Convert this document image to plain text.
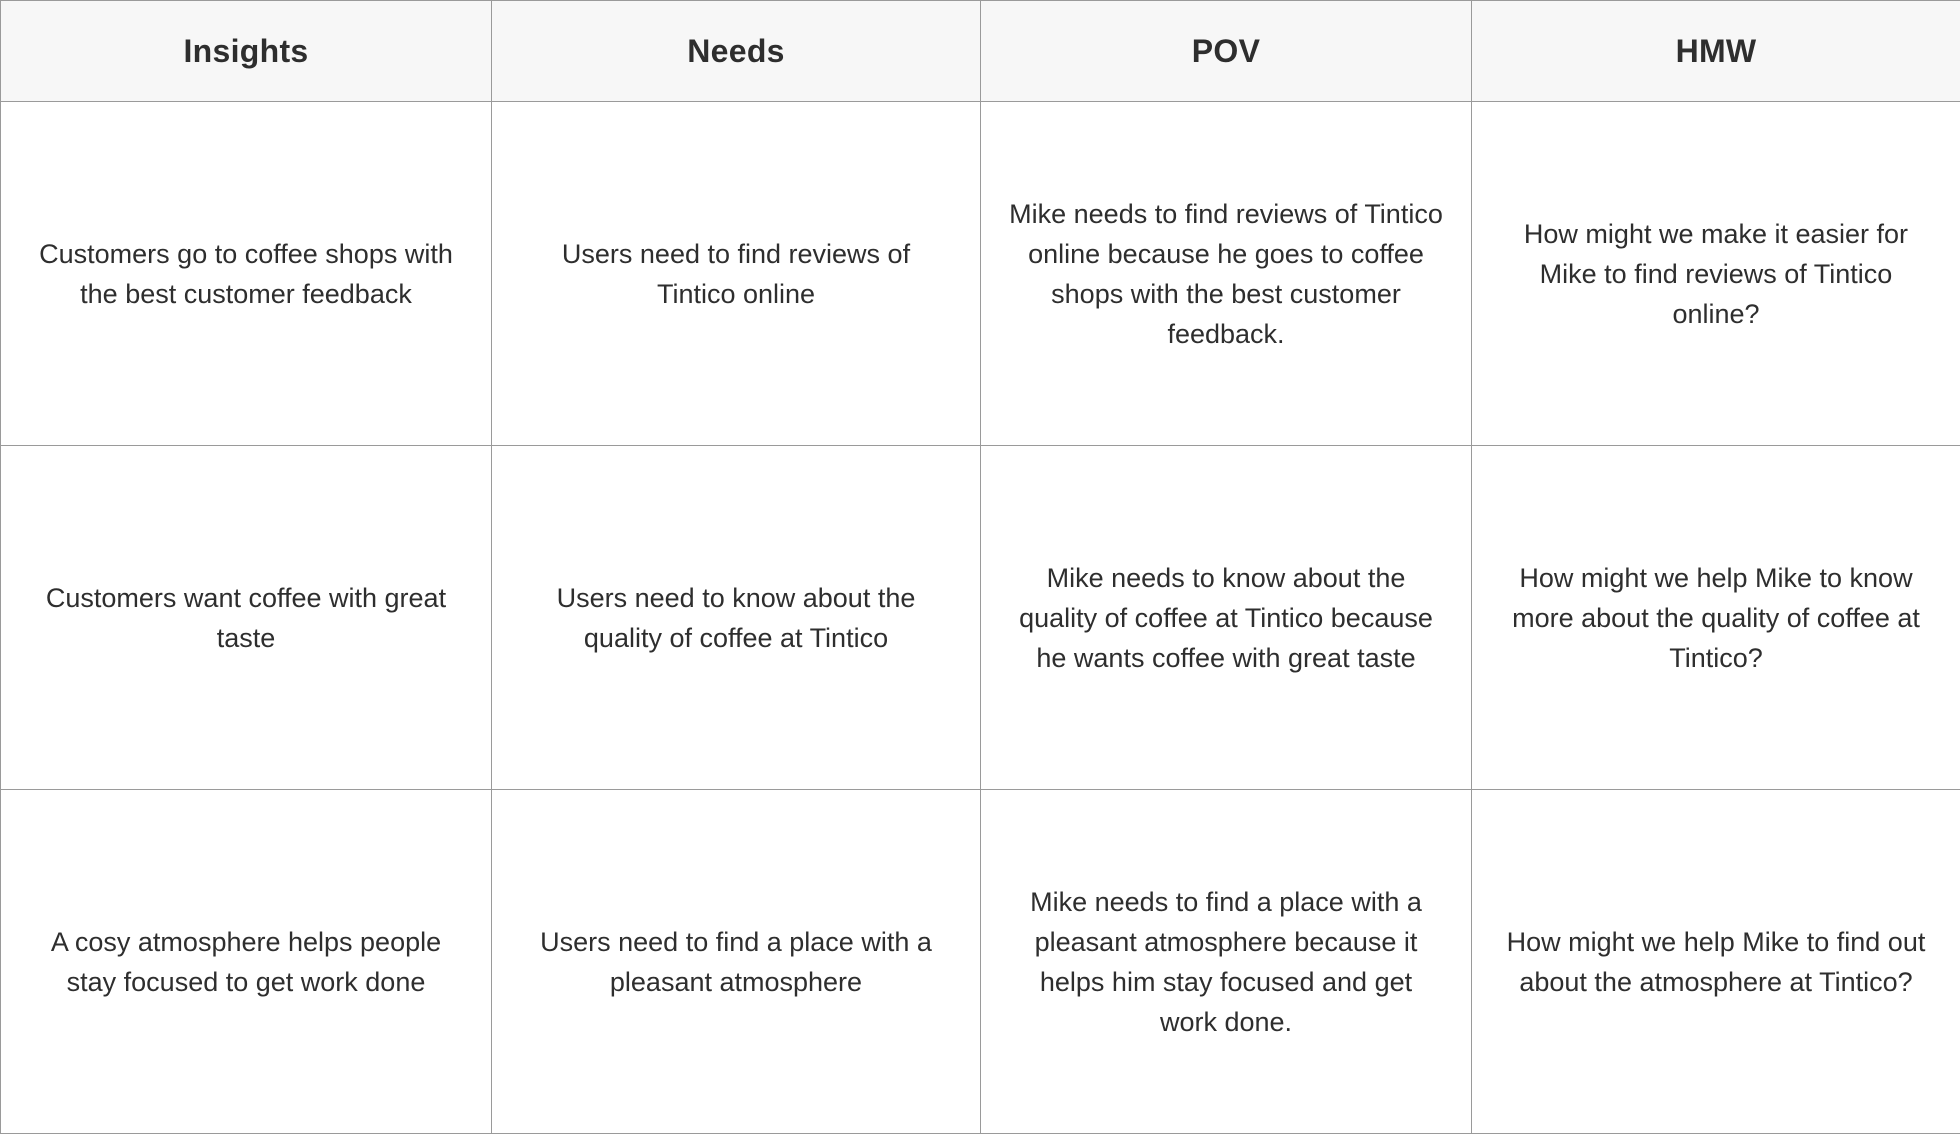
Insights	Needs	POV	HMW
Customers go to coffee shops with the best customer feedback	Users need to find reviews of Tintico online	Mike needs to find reviews of Tintico online because he goes to coffee shops with the best customer feedback.	How might we make it easier for Mike to find reviews of Tintico online?
Customers want coffee with great taste	Users need to know about the quality of coffee at Tintico	Mike needs to know about the quality of coffee at Tintico because he wants coffee with great taste	How might we help Mike to know more about the quality of coffee at Tintico?
A cosy atmosphere helps people stay focused to get work done	Users need to find a place with a pleasant atmosphere	Mike needs to find a place with a pleasant atmosphere because it helps him stay focused and get work done.	How might we help Mike to find out about the atmosphere at Tintico?
